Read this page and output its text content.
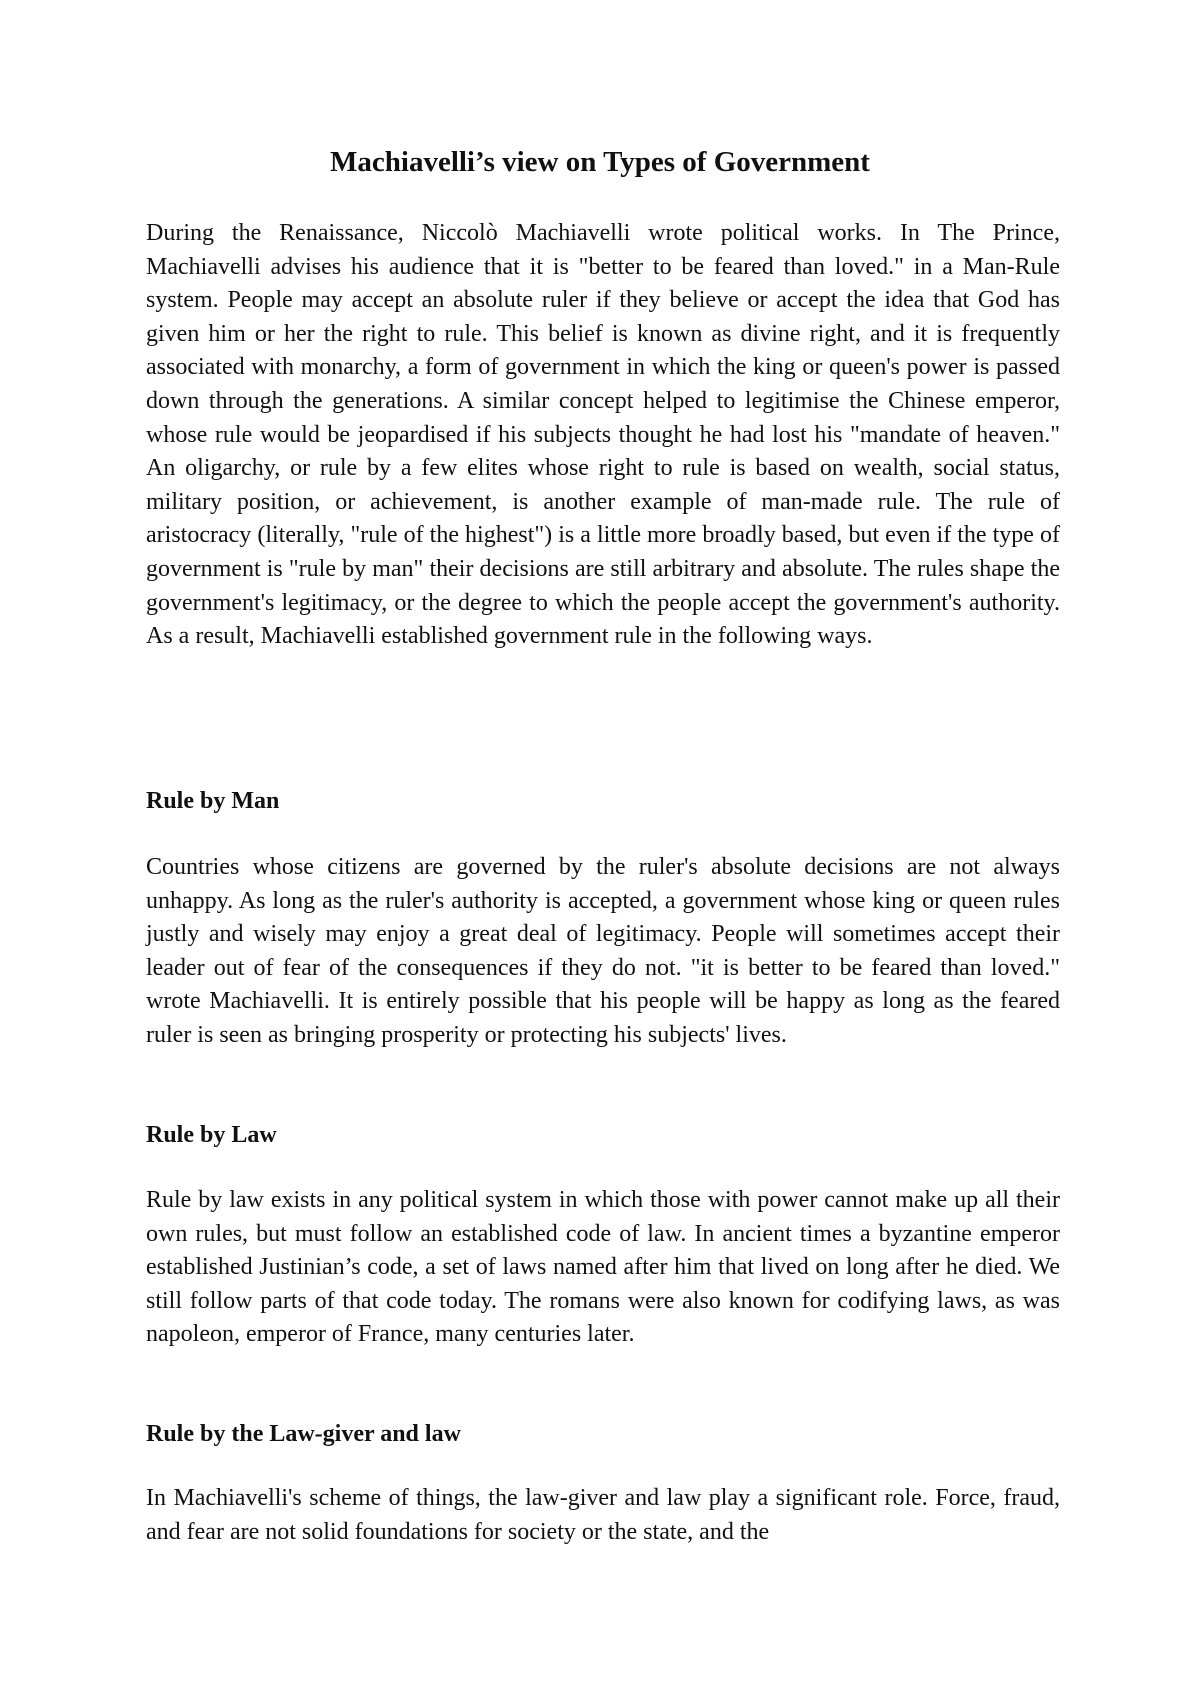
Machiavelli’s view on Types of Government

During the Renaissance, Niccolò Machiavelli wrote political works. In The Prince, Machiavelli advises his audience that it is "better to be feared than loved." in a Man-Rule system. People may accept an absolute ruler if they believe or accept the idea that God has given him or her the right to rule. This belief is known as divine right, and it is frequently associated with monarchy, a form of government in which the king or queen's power is passed down through the generations. A similar concept helped to legitimise the Chinese emperor, whose rule would be jeopardised if his subjects thought he had lost his "mandate of heaven." An oligarchy, or rule by a few elites whose right to rule is based on wealth, social status, military position, or achievement, is another example of man-made rule. The rule of aristocracy (literally, "rule of the highest") is a little more broadly based, but even if the type of government is "rule by man" their decisions are still arbitrary and absolute. The rules shape the government's legitimacy, or the degree to which the people accept the government's authority. As a result, Machiavelli established government rule in the following ways.

Rule by Man

Countries whose citizens are governed by the ruler's absolute decisions are not always unhappy. As long as the ruler's authority is accepted, a government whose king or queen rules justly and wisely may enjoy a great deal of legitimacy. People will sometimes accept their leader out of fear of the consequences if they do not. "it is better to be feared than loved." wrote Machiavelli. It is entirely possible that his people will be happy as long as the feared ruler is seen as bringing prosperity or protecting his subjects' lives.

Rule by Law

Rule by law exists in any political system in which those with power cannot make up all their own rules, but must follow an established code of law. In ancient times a byzantine emperor established Justinian’s code, a set of laws named after him that lived on long after he died. We still follow parts of that code today. The romans were also known for codifying laws, as was napoleon, emperor of France, many centuries later.

Rule by the Law-giver and law

In Machiavelli's scheme of things, the law-giver and law play a significant role. Force, fraud, and fear are not solid foundations for society or the state, and the
